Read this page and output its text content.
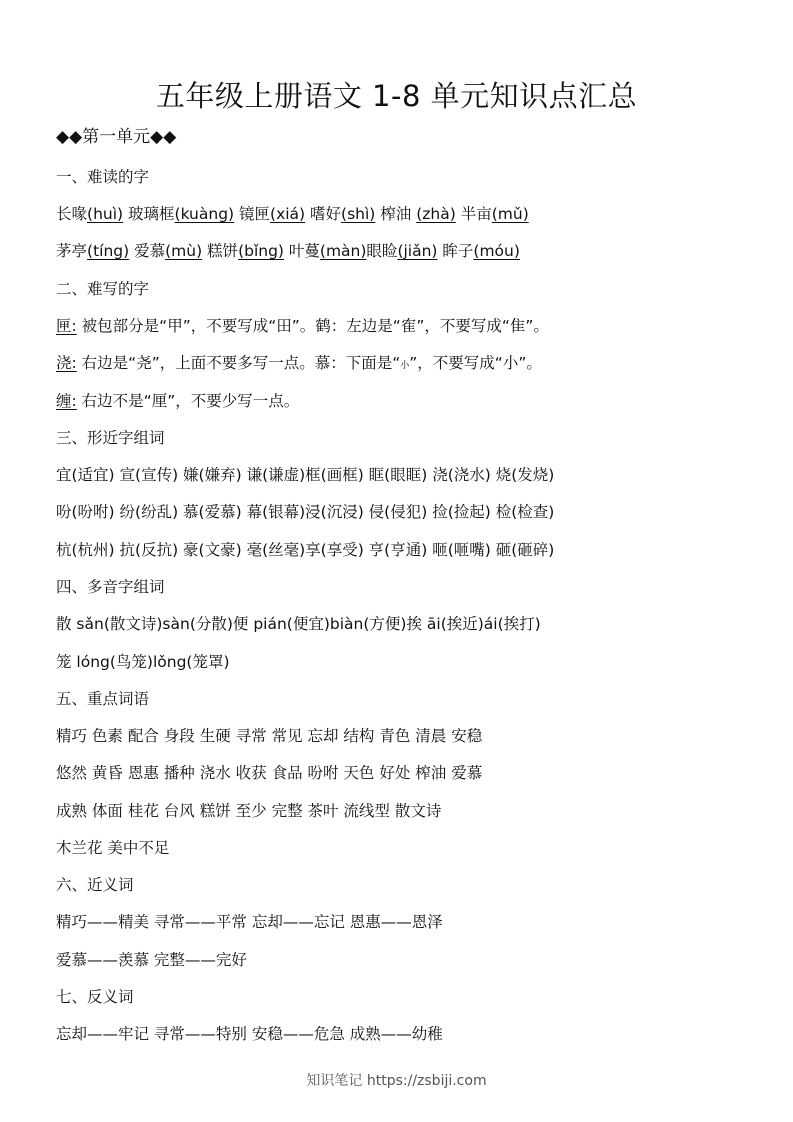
五年级上册语文 1-8 单元知识点汇总
◆◆第一单元◆◆
一、难读的字
长喙(huì) 玻璃框(kuàng) 镜匣(xiá) 嗜好(shì) 榨油 (zhà) 半亩(mǔ)
茅亭(tíng) 爱慕(mù) 糕饼(bǐng) 叶蔓(màn)眼睑(jiǎn) 眸子(móu)
二、难写的字
匣: 被包部分是“甲”，不要写成“田”。鹤：左边是“隺”，不要写成“隹”。
浇: 右边是“尧”，上面不要多写一点。慕：下面是“小”，不要写成“小”。
缠: 右边不是“厘”，不要少写一点。
三、形近字组词
宜(适宜) 宣(宣传) 嫌(嫌弃) 谦(谦虚)框(画框) 眶(眼眶) 浇(浇水) 烧(发烧)
吩(吩咐) 纷(纷乱) 慕(爱慕) 幕(银幕)浸(沉浸) 侵(侵犯) 捡(捡起) 检(检查)
杭(杭州) 抗(反抗) 豪(文豪) 毫(丝毫)享(享受) 亨(亨通) 咂(咂嘴) 砸(砸碎)
四、多音字组词
散 sǎn(散文诗)sàn(分散)便 pián(便宜)biàn(方便)挨 āi(挨近)ái(挨打)
笼 lóng(鸟笼)lǒng(笼罩)
五、重点词语
精巧 色素 配合 身段 生硬 寻常 常见 忘却 结构 青色 清晨 安稳
悠然 黄昏 恩惠 播种 浇水 收获 食品 吩咐 天色 好处 榨油 爱慕
成熟 体面 桂花 台风 糕饼 至少 完整 茶叶 流线型 散文诗
木兰花 美中不足
六、近义词
精巧——精美 寻常——平常 忘却——忘记 恩惠——恩泽
爱慕——羡慕 完整——完好
七、反义词
忘却——牢记 寻常——特别 安稳——危急 成熟——幼稚
知识笔记 https://zsbiji.com
